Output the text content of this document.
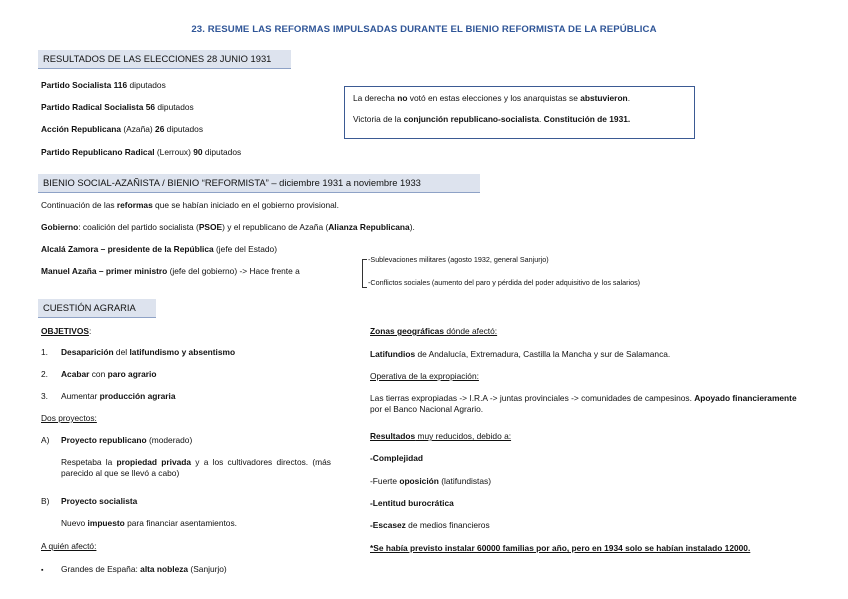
23. RESUME LAS REFORMAS IMPULSADAS DURANTE EL BIENIO REFORMISTA DE LA REPÚBLICA
RESULTADOS DE LAS ELECCIONES 28 JUNIO 1931
Partido Socialista 116 diputados
Partido Radical Socialista 56 diputados
Acción Republicana (Azaña) 26 diputados
Partido Republicano Radical (Lerroux) 90 diputados
La derecha no votó en estas elecciones y los anarquistas se abstuvieron.
Victoria de la conjunción republicano-socialista. Constitución de 1931.
BIENIO SOCIAL-AZAÑISTA / BIENIO “REFORMISTA” – diciembre 1931 a noviembre 1933
Continuación de las reformas que se habían iniciado en el gobierno provisional.
Gobierno: coalición del partido socialista (PSOE) y el republicano de Azaña (Alianza Republicana).
Alcalá Zamora – presidente de la República (jefe del Estado)
Manuel Azaña – primer ministro (jefe del gobierno) -> Hace frente a
-Sublevaciones militares (agosto 1932, general Sanjurjo)
-Conflictos sociales (aumento del paro y pérdida del poder adquisitivo de los salarios)
CUESTIÓN AGRARIA
OBJETIVOS:
1. Desaparición del latifundismo y absentismo
2. Acabar con paro agrario
3. Aumentar producción agraria
Dos proyectos:
A) Proyecto republicano (moderado)
Respetaba la propiedad privada y a los cultivadores directos. (más parecido al que se llevó a cabo)
B) Proyecto socialista
Nuevo impuesto para financiar asentamientos.
A quién afectó:
▪ Grandes de España: alta nobleza (Sanjurjo)
Zonas geográficas dónde afectó:
Latifundios de Andalucía, Extremadura, Castilla la Mancha y sur de Salamanca.
Operativa de la expropiación:
Las tierras expropiadas -> I.R.A -> juntas provinciales -> comunidades de campesinos. Apoyado financieramente por el Banco Nacional Agrario.
Resultados muy reducidos, debido a:
-Complejidad
-Fuerte oposición (latifundistas)
-Lentitud burocrática
-Escasez de medios financieros
*Se había previsto instalar 60000 familias por año, pero en 1934 solo se habían instalado 12000.
